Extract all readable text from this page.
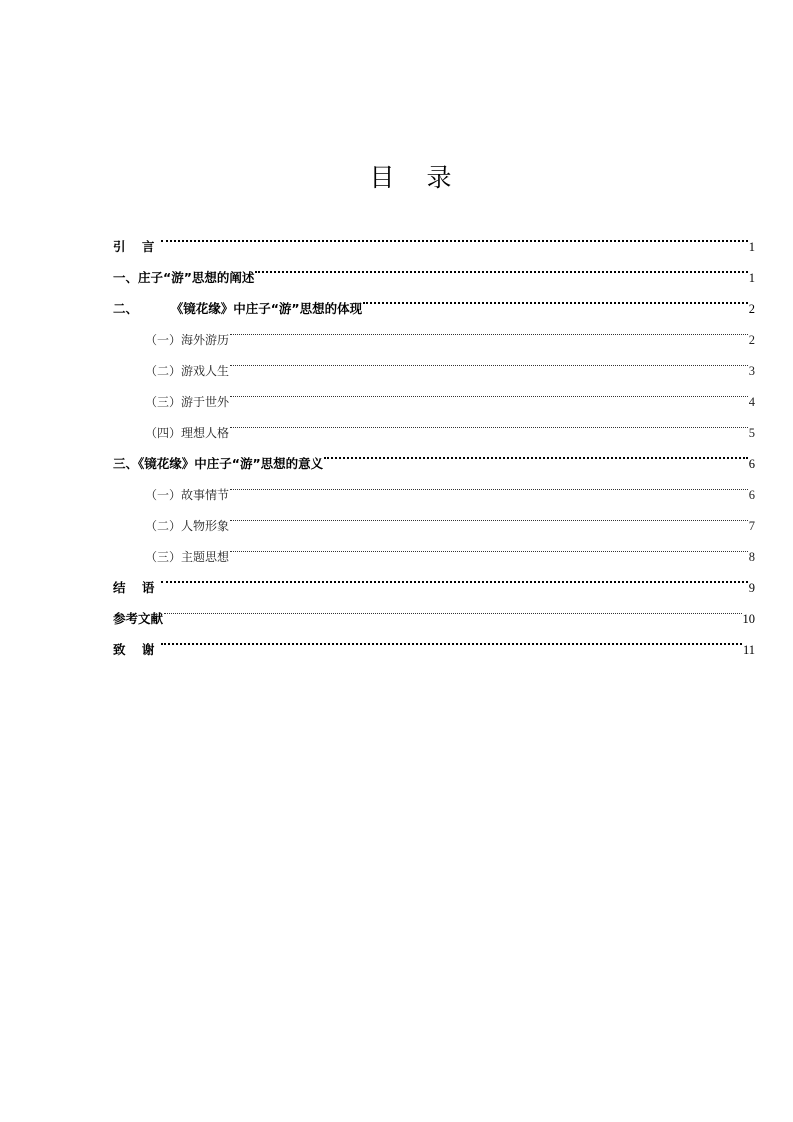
目 录
引 言	1
一、庄子“游”思想的阐述	1
二、  《镜花缘》中庄子“游”思想的体现	2
（一）海外游历	2
（二）游戏人生	3
（三）游于世外	4
（四）理想人格	5
三、《镜花缘》中庄子“游”思想的意义	6
（一）故事情节	6
（二）人物形象	7
（三）主题思想	8
结 语	9
参考文献	10
致 谢	11
